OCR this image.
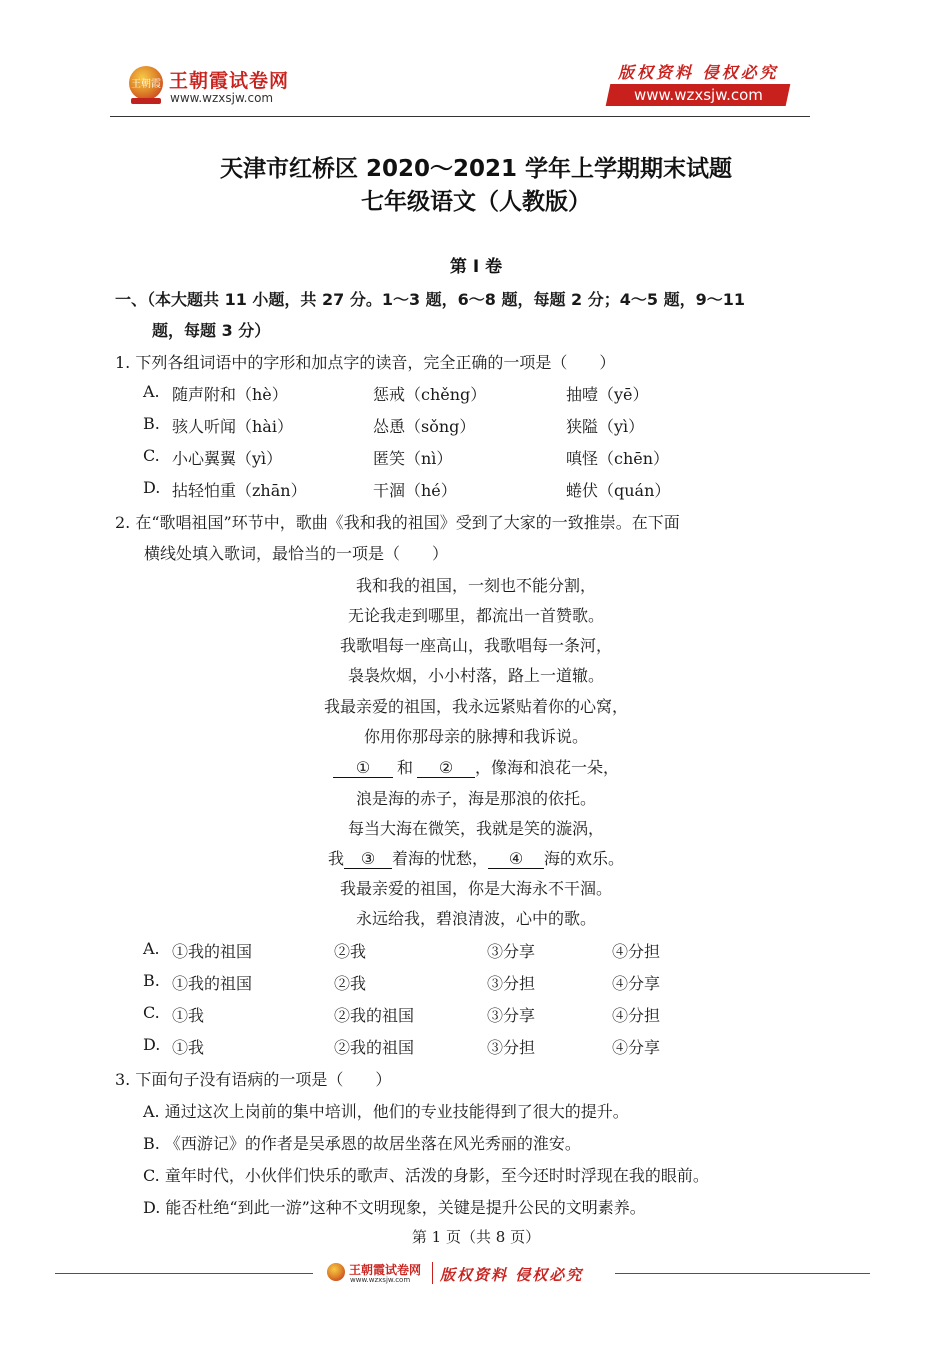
王朝霞 王朝霞试卷网
www.wzxsjw.com
版权资料 侵权必究
www.wzxsjw.com
天津市红桥区 2020～2021 学年上学期期末试题
七年级语文（人教版）
第 I 卷
一、（本大题共 11 小题，共 27 分。1～3 题，6～8 题，每题 2 分；4～5 题，9～11
题，每题 3 分）
1. 下列各组词语中的字形和加点字的读音，完全正确的一项是（　　）
A. 随声附和（hè）	惩戒（chěng）	抽噎（yē）
B. 骇人听闻（hài）	怂恿（sǒng）	狭隘（yì）
C. 小心翼翼（yì）	匿笑（nì）	嗔怪（chēn）
D. 拈轻怕重（zhān）	干涸（hé）	蜷伏（quán）
2. 在“歌唱祖国”环节中，歌曲《我和我的祖国》受到了大家的一致推崇。在下面
横线处填入歌词，最恰当的一项是（　　）
我和我的祖国，一刻也不能分割，
无论我走到哪里，都流出一首赞歌。
我歌唱每一座高山，我歌唱每一条河，
袅袅炊烟，小小村落，路上一道辙。
我最亲爱的祖国，我永远紧贴着你的心窝，
你用你那母亲的脉搏和我诉说。
① 和 ② ，像海和浪花一朵，
浪是海的赤子，海是那浪的依托。
每当大海在微笑，我就是笑的漩涡，
我 ③ 着海的忧愁， ④ 海的欢乐。
我最亲爱的祖国，你是大海永不干涸。
永远给我，碧浪清波，心中的歌。
A. ①我的祖国	②我	③分享	④分担
B. ①我的祖国	②我	③分担	④分享
C. ①我	②我的祖国	③分享	④分担
D. ①我	②我的祖国	③分担	④分享
3. 下面句子没有语病的一项是（　　）
A. 通过这次上岗前的集中培训，他们的专业技能得到了很大的提升。
B. 《西游记》的作者是吴承恩的故居坐落在风光秀丽的淮安。
C. 童年时代，小伙伴们快乐的歌声、活泼的身影，至今还时时浮现在我的眼前。
D. 能否杜绝“到此一游”这种不文明现象，关键是提升公民的文明素养。
第 1 页（共 8 页）
王朝霞试卷网
www.wzxsjw.com 版权资料 侵权必究
